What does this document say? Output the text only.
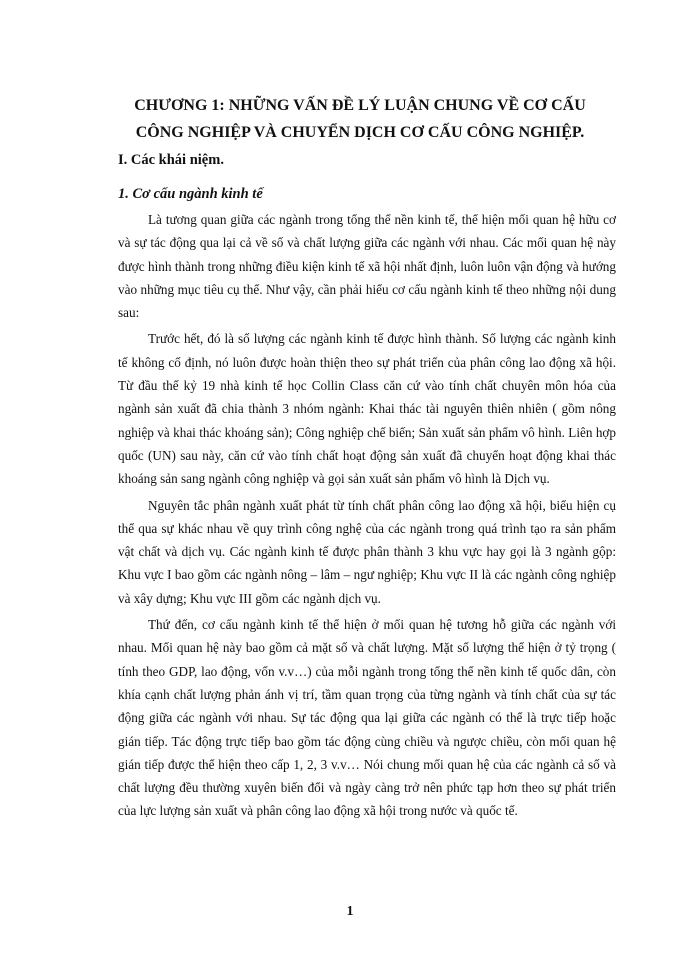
CHƯƠNG 1: NHỮNG VẤN ĐỀ LÝ LUẬN CHUNG VỀ CƠ CẤU
CÔNG NGHIỆP VÀ CHUYỂN DỊCH CƠ CẤU CÔNG NGHIỆP.
I. Các khái niệm.
1. Cơ cấu ngành kinh tế

Là tương quan giữa các ngành trong tổng thể nền kinh tế, thể hiện mối quan hệ hữu cơ và sự tác động qua lại cả về số và chất lượng giữa các ngành với nhau. Các mối quan hệ này được hình thành trong những điều kiện kinh tế xã hội nhất định, luôn luôn vận động và hướng vào những mục tiêu cụ thể. Như vậy, cần phải hiểu cơ cấu ngành kinh tế theo những nội dung sau:

Trước hết, đó là số lượng các ngành kinh tế được hình thành. Số lượng các ngành kinh tế không cố định, nó luôn được hoàn thiện theo sự phát triển của phân công lao động xã hội. Từ đầu thế kỷ 19 nhà kinh tế học Collin Class căn cứ vào tính chất chuyên môn hóa của ngành sản xuất đã chia thành 3 nhóm ngành: Khai thác tài nguyên thiên nhiên ( gồm nông nghiệp và khai thác khoáng sản); Công nghiệp chế biến; Sản xuất sản phẩm vô hình. Liên hợp quốc (UN) sau này, căn cứ vào tính chất hoạt động sản xuất đã chuyển hoạt động khai thác khoáng sản sang ngành công nghiệp và gọi sản xuất sản phẩm vô hình là Dịch vụ.

Nguyên tắc phân ngành xuất phát từ tính chất phân công lao động xã hội, biểu hiện cụ thể qua sự khác nhau về quy trình công nghệ của các ngành trong quá trình tạo ra sản phẩm vật chất và dịch vụ. Các ngành kinh tế được phân thành 3 khu vực hay gọi là 3 ngành gộp: Khu vực I bao gồm các ngành nông – lâm – ngư nghiệp; Khu vực II là các ngành công nghiệp và xây dựng; Khu vực III gồm các ngành dịch vụ.

Thứ đến, cơ cấu ngành kinh tế thể hiện ở mối quan hệ tương hỗ giữa các ngành với nhau. Mối quan hệ này bao gồm cả mặt số và chất lượng. Mặt số lượng thể hiện ở tỷ trọng ( tính theo GDP, lao động, vốn v.v…) của mỗi ngành trong tổng thể nền kinh tế quốc dân, còn khía cạnh chất lượng phản ánh vị trí, tầm quan trọng của từng ngành và tính chất của sự tác động giữa các ngành với nhau. Sự tác động qua lại giữa các ngành có thể là trực tiếp hoặc gián tiếp. Tác động trực tiếp bao gồm tác động cùng chiều và ngược chiều, còn mối quan hệ gián tiếp được thể hiện theo cấp 1, 2, 3 v.v… Nói chung mối quan hệ của các ngành cả số và chất lượng đều thường xuyên biến đổi và ngày càng trở nên phức tạp hơn theo sự phát triển của lực lượng sản xuất và phân công lao động xã hội trong nước và quốc tế.

1
